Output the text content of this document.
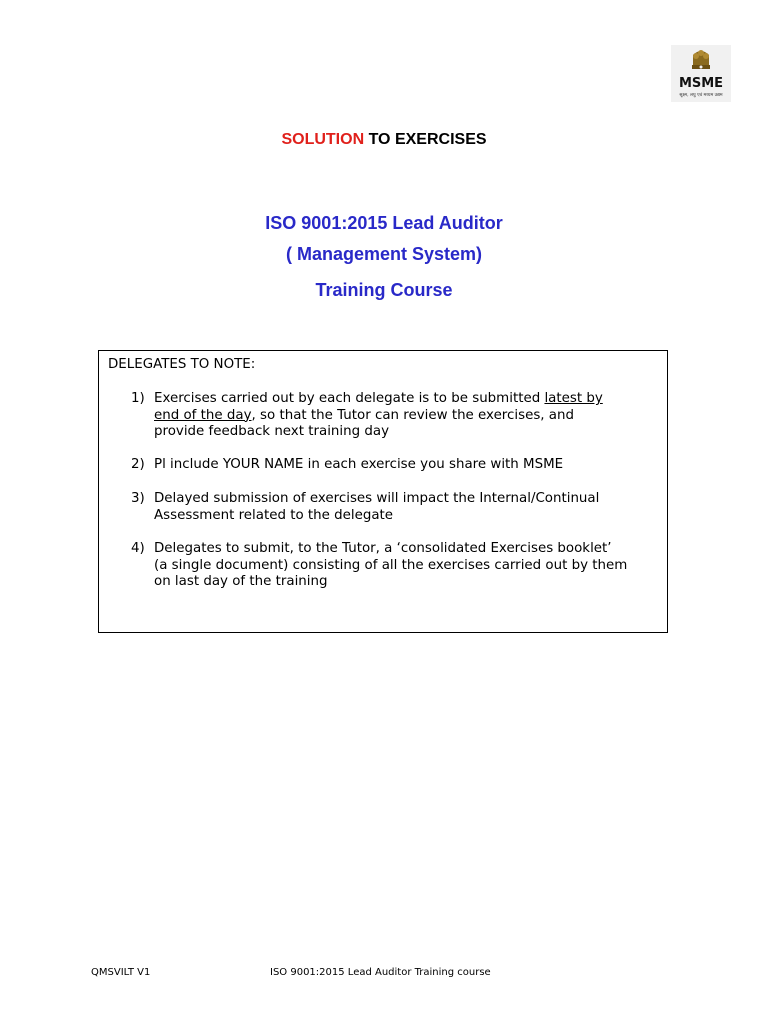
MSME
सूक्ष्म, लघु एवं मध्यम उद्यम
SOLUTION TO EXERCISES
ISO 9001:2015 Lead Auditor
( Management System)
Training Course
DELEGATES TO NOTE:
1) Exercises carried out by each delegate is to be submitted latest by
end of the day, so that the Tutor can review the exercises, and
provide feedback next training day
2) Pl include YOUR NAME in each exercise you share with MSME
3) Delayed submission of exercises will impact the Internal/Continual
Assessment related to the delegate
4) Delegates to submit, to the Tutor, a ‘consolidated Exercises booklet’
(a single document) consisting of all the exercises carried out by them
on last day of the training
QMSVILT V1	ISO 9001:2015 Lead Auditor Training course
